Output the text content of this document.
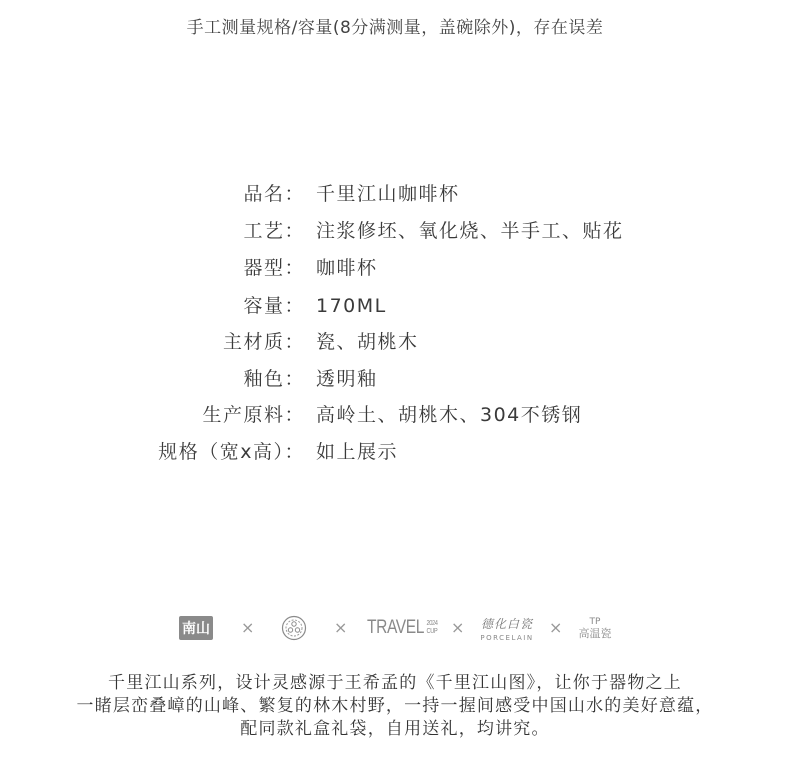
手工测量规格/容量(8分满测量，盖碗除外)，存在误差
品名： 千里江山咖啡杯
工艺： 注浆修坯、氧化烧、半手工、贴花
器型： 咖啡杯
容量： 170ML
主材质： 瓷、胡桃木
釉色： 透明釉
生产原料： 高岭土、胡桃木、304不锈钢
规格（宽x高）： 如上展示
南山 ×	× TRAVEL 2024
CUP × 德化白瓷
PORCELAIN
×	TP
高温瓷
千里江山系列，设计灵感源于王希孟的《千里江山图》，让你于器物之上
一睹层峦叠嶂的山峰、繁复的林木村野，一持一握间感受中国山水的美好意蕴，
配同款礼盒礼袋，自用送礼，均讲究。
